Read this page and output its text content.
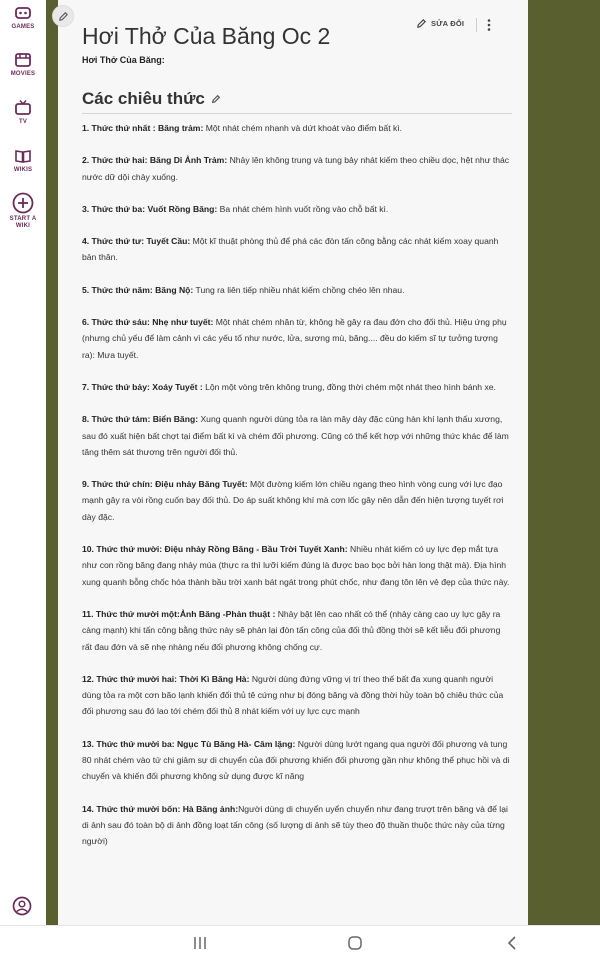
GAMES
MOVIES
TV
WIKIS
START A WIKI
Hơi Thở Của Băng Oc 2	SỬA ĐỔI
Hơi Thở Của Băng:
Các chiêu thức

1. Thức thứ nhất : Băng trảm: Một nhát chém nhanh và dứt khoát vào điểm bất kì.

2. Thức thứ hai: Băng Di Ảnh Trảm: Nhảy lên không trung và tung bảy nhát kiếm theo chiều dọc, hệt như thác nước dữ dội chảy xuống.

3. Thức thứ ba: Vuốt Rồng Băng: Ba nhát chém hình vuốt rồng vào chỗ bất kì.

4. Thức thứ tư: Tuyết Cầu: Một kĩ thuật phòng thủ để phá các đòn tấn công bằng các nhát kiếm xoay quanh bản thân.

5. Thức thứ năm: Băng Nộ: Tung ra liên tiếp nhiều nhát kiếm chồng chéo lên nhau.

6. Thức thứ sáu: Nhẹ như tuyết: Một nhát chém nhân từ, không hề gây ra đau đớn cho đối thủ. Hiệu ứng phụ (nhưng chủ yếu để làm cảnh vì các yếu tố như nước, lửa, sương mù, băng.... đều do kiếm sĩ tự tưởng tượng ra): Mưa tuyết.

7. Thức thứ bảy: Xoáy Tuyết : Lộn một vòng trên không trung, đồng thời chém một nhát theo hình bánh xe.

8. Thức thứ tám: Biển Băng: Xung quanh người dùng tỏa ra làn mây dày đặc cùng hàn khí lạnh thấu xương, sau đó xuất hiện bất chợt tại điểm bất kì và chém đối phương. Cũng có thể kết hợp với những thức khác để làm tăng thêm sát thương trên người đối thủ.

9. Thức thứ chín: Điệu nhảy Băng Tuyết: Một đường kiếm lớn chiều ngang theo hình vòng cung với lực đạo mạnh gây ra vòi rồng cuốn bay đối thủ. Do áp suất không khí mà cơn lốc gây nên dẫn đến hiện tượng tuyết rơi dày đặc.

10. Thức thứ mười: Điệu nhảy Rồng Băng - Bầu Trời Tuyết Xanh: Nhiều nhát kiếm có uy lực đẹp mắt tựa như con rồng băng đang nhảy múa (thực ra thì lưỡi kiếm đúng là được bao bọc bởi hàn long thật mà). Địa hình xung quanh bỗng chốc hóa thành bầu trời xanh bát ngát trong phút chốc, như đang tôn lên vẻ đẹp của thức này.

11. Thức thứ mười một:Ảnh Băng -Phản thuật : Nhảy bật lên cao nhất có thể (nhảy càng cao uy lực gây ra càng mạnh) khi tấn công bằng thức này sẽ phản lại đòn tấn công của đối thủ đồng thời sẽ kết liễu đối phương rất đau đớn và sẽ nhẹ nhàng nếu đối phương không chống cự.

12. Thức thứ mười hai: Thời Kì Băng Hà: Người dùng đứng vững vị trí theo thế bất đa xung quanh người dùng tỏa ra một cơn bão lạnh khiến đối thủ tê cứng như bị đóng băng và đồng thời hủy toàn bộ chiêu thức của đối phương sau đó lao tới chém đối thủ 8 nhát kiếm với uy lực cực mạnh

13. Thức thứ mười ba: Ngục Tù Băng Hà- Câm lặng: Người dùng lướt ngang qua người đối phương và tung 80 nhát chém vào tứ chi giảm sự di chuyển của đối phương khiến đối phương gần như không thể phục hồi và di chuyển và khiến đối phương không sử dụng được kĩ năng

14. Thức thứ mười bốn: Hà Băng ảnh:Người dùng di chuyển uyển chuyển như đang trượt trên băng và để lại di ảnh sau đó toàn bộ di ảnh đồng loạt tấn công (số lượng di ảnh sẽ tùy theo độ thuần thuộc thức này của từng người)
